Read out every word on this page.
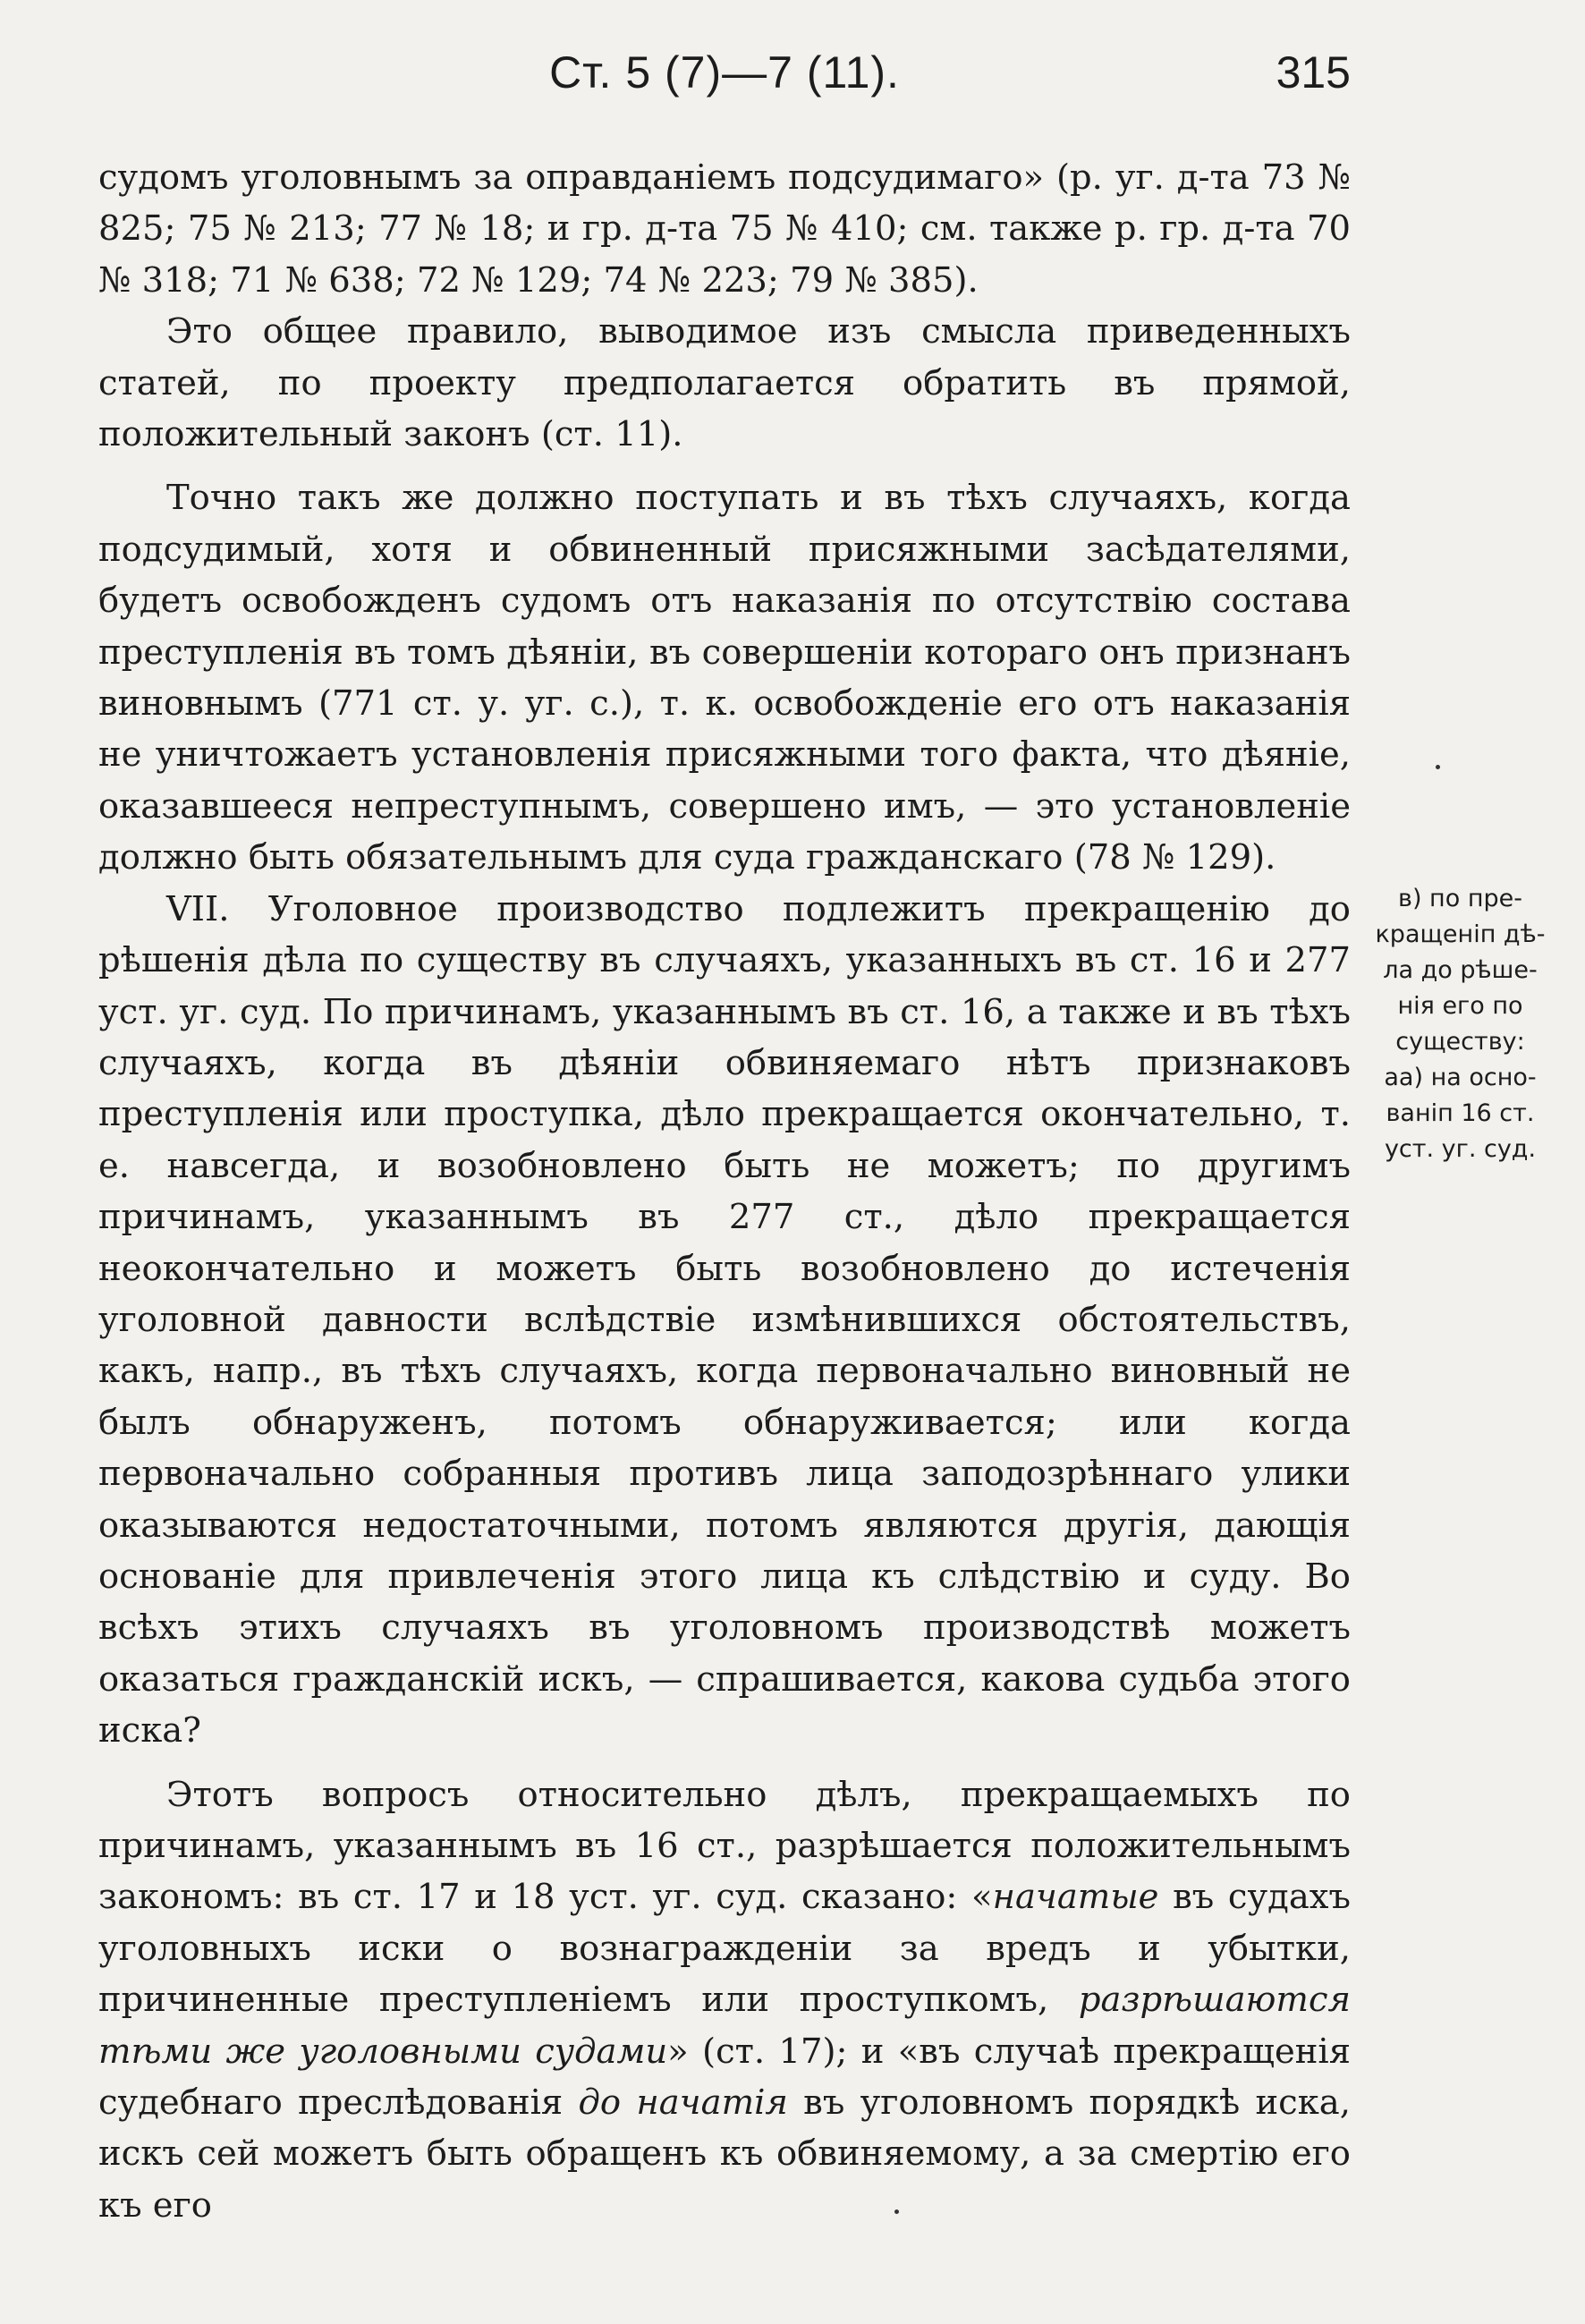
Ст. 5 (7)—7 (11).	315

судомъ уголовнымъ за оправданіемъ подсудимаго» (р. уг. д-та 73 № 825; 75 № 213; 77 № 18; и гр. д-та 75 № 410; см. также р. гр. д-та 70 № 318; 71 № 638; 72 № 129; 74 № 223; 79 № 385).

Это общее правило, выводимое изъ смысла приведенныхъ статей, по проекту предполагается обратить въ прямой, положительный законъ (ст. 11).

Точно такъ же должно поступать и въ тѣхъ случаяхъ, когда подсудимый, хотя и обвиненный присяжными засѣдателями, будетъ освобожденъ судомъ отъ наказанія по отсутствію состава преступленія въ томъ дѣяніи, въ совершеніи котораго онъ признанъ виновнымъ (771 ст. у. уг. с.), т. к. освобожденіе его отъ наказанія не уничтожаетъ установленія присяжными того факта, что дѣяніе, оказавшееся непреступнымъ, совершено имъ, — это установленіе должно быть обязательнымъ для суда гражданскаго (78 № 129).

VII. Уголовное производство подлежитъ прекращенію до рѣшенія дѣла по существу въ случаяхъ, указанныхъ въ ст. 16 и 277 уст. уг. суд. По причинамъ, указаннымъ въ ст. 16, а также и въ тѣхъ случаяхъ, когда въ дѣяніи обвиняемаго нѣтъ признаковъ преступленія или проступка, дѣло прекращается окончательно, т. е. навсегда, и возобновлено быть не можетъ; по другимъ причинамъ, указаннымъ въ 277 ст., дѣло прекращается неокончательно и можетъ быть возобновлено до истеченія уголовной давности вслѣдствіе измѣнившихся обстоятельствъ, какъ, напр., въ тѣхъ случаяхъ, когда первоначально виновный не былъ обнаруженъ, потомъ обнаруживается; или когда первоначально собранныя противъ лица заподозрѣннаго улики оказываются недостаточными, потомъ являются другія, дающія основаніе для привлеченія этого лица къ слѣдствію и суду. Во всѣхъ этихъ случаяхъ въ уголовномъ производствѣ можетъ оказаться гражданскій искъ, — спрашивается, какова судьба этого иска?

Этотъ вопросъ относительно дѣлъ, прекращаемыхъ по причинамъ, указаннымъ въ 16 ст., разрѣшается положительнымъ закономъ: въ ст. 17 и 18 уст. уг. суд. сказано: «начатые въ судахъ уголовныхъ иски о вознагражденіи за вредъ и убытки, причиненные преступленіемъ или проступкомъ, разрѣшаются тѣми же уголовными судами» (ст. 17); и «въ случаѣ прекращенія судебнаго преслѣдованія до начатія въ уголовномъ порядкѣ иска, искъ сей можетъ быть обращенъ къ обвиняемому, а за смертію его къ его

в) по пре-
кращеніп дѣ-
ла до рѣше-
нія его по
существу:
аа) на осно-
ваніп 16 ст.
уст. уг. суд.
